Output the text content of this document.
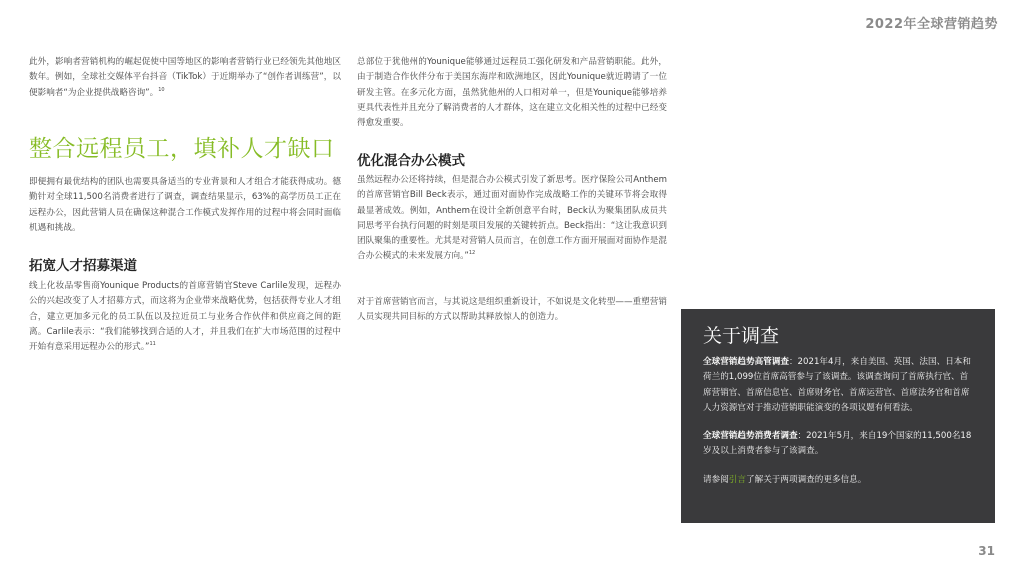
2022年全球营销趋势

此外，影响者营销机构的崛起促使中国等地区的影响者营销行业已经领先其他地区数年。例如，全球社交媒体平台抖音（TikTok）于近期举办了“创作者训练营”，以便影响者“为企业提供战略咨询”。$^{10}$

整合远程员工，填补人才缺口

即便拥有最优结构的团队也需要具备适当的专业背景和人才组合才能获得成功。德勤针对全球11,500名消费者进行了调查，调查结果显示，63%的高学历员工正在远程办公，因此营销人员在确保这种混合工作模式发挥作用的过程中将会同时面临机遇和挑战。

拓宽人才招募渠道

线上化妆品零售商Younique Products的首席营销官Steve Carlile发现，远程办公的兴起改变了人才招募方式，而这将为企业带来战略优势，包括获得专业人才组合，建立更加多元化的员工队伍以及拉近员工与业务合作伙伴和供应商之间的距离。Carlile表示：“我们能够找到合适的人才，并且我们在扩大市场范围的过程中开始有意采用远程办公的形式。”$^{11}$

总部位于犹他州的Younique能够通过远程员工强化研发和产品营销职能。此外，由于制造合作伙伴分布于美国东海岸和欧洲地区，因此Younique就近聘请了一位研发主管。在多元化方面，虽然犹他州的人口相对单一，但是Younique能够培养更具代表性并且充分了解消费者的人才群体，这在建立文化相关性的过程中已经变得愈发重要。

优化混合办公模式

虽然远程办公还将持续，但是混合办公模式引发了新思考。医疗保险公司Anthem的首席营销官Bill Beck表示，通过面对面协作完成战略工作的关键环节将会取得最显著成效。例如，Anthem在设计全新创意平台时，Beck认为聚集团队成员共同思考平台执行问题的时刻是项目发展的关键转折点。Beck指出：“这让我意识到团队聚集的重要性。尤其是对营销人员而言，在创意工作方面开展面对面协作是混合办公模式的未来发展方向。”$^{12}$

对于首席营销官而言，与其说这是组织重新设计，不如说是文化转型——重塑营销人员实现共同目标的方式以帮助其释放惊人的创造力。

关于调查

全球营销趋势高管调查：2021年4月，来自美国、英国、法国、日本和荷兰的1,099位首席高管参与了该调查。该调查询问了首席执行官、首席营销官、首席信息官、首席财务官、首席运营官、首席法务官和首席人力资源官对于推动营销职能演变的各项议题有何看法。

全球营销趋势消费者调查：2021年5月，来自19个国家的11,500名18岁及以上消费者参与了该调查。

请参阅引言了解关于两项调查的更多信息。

31
